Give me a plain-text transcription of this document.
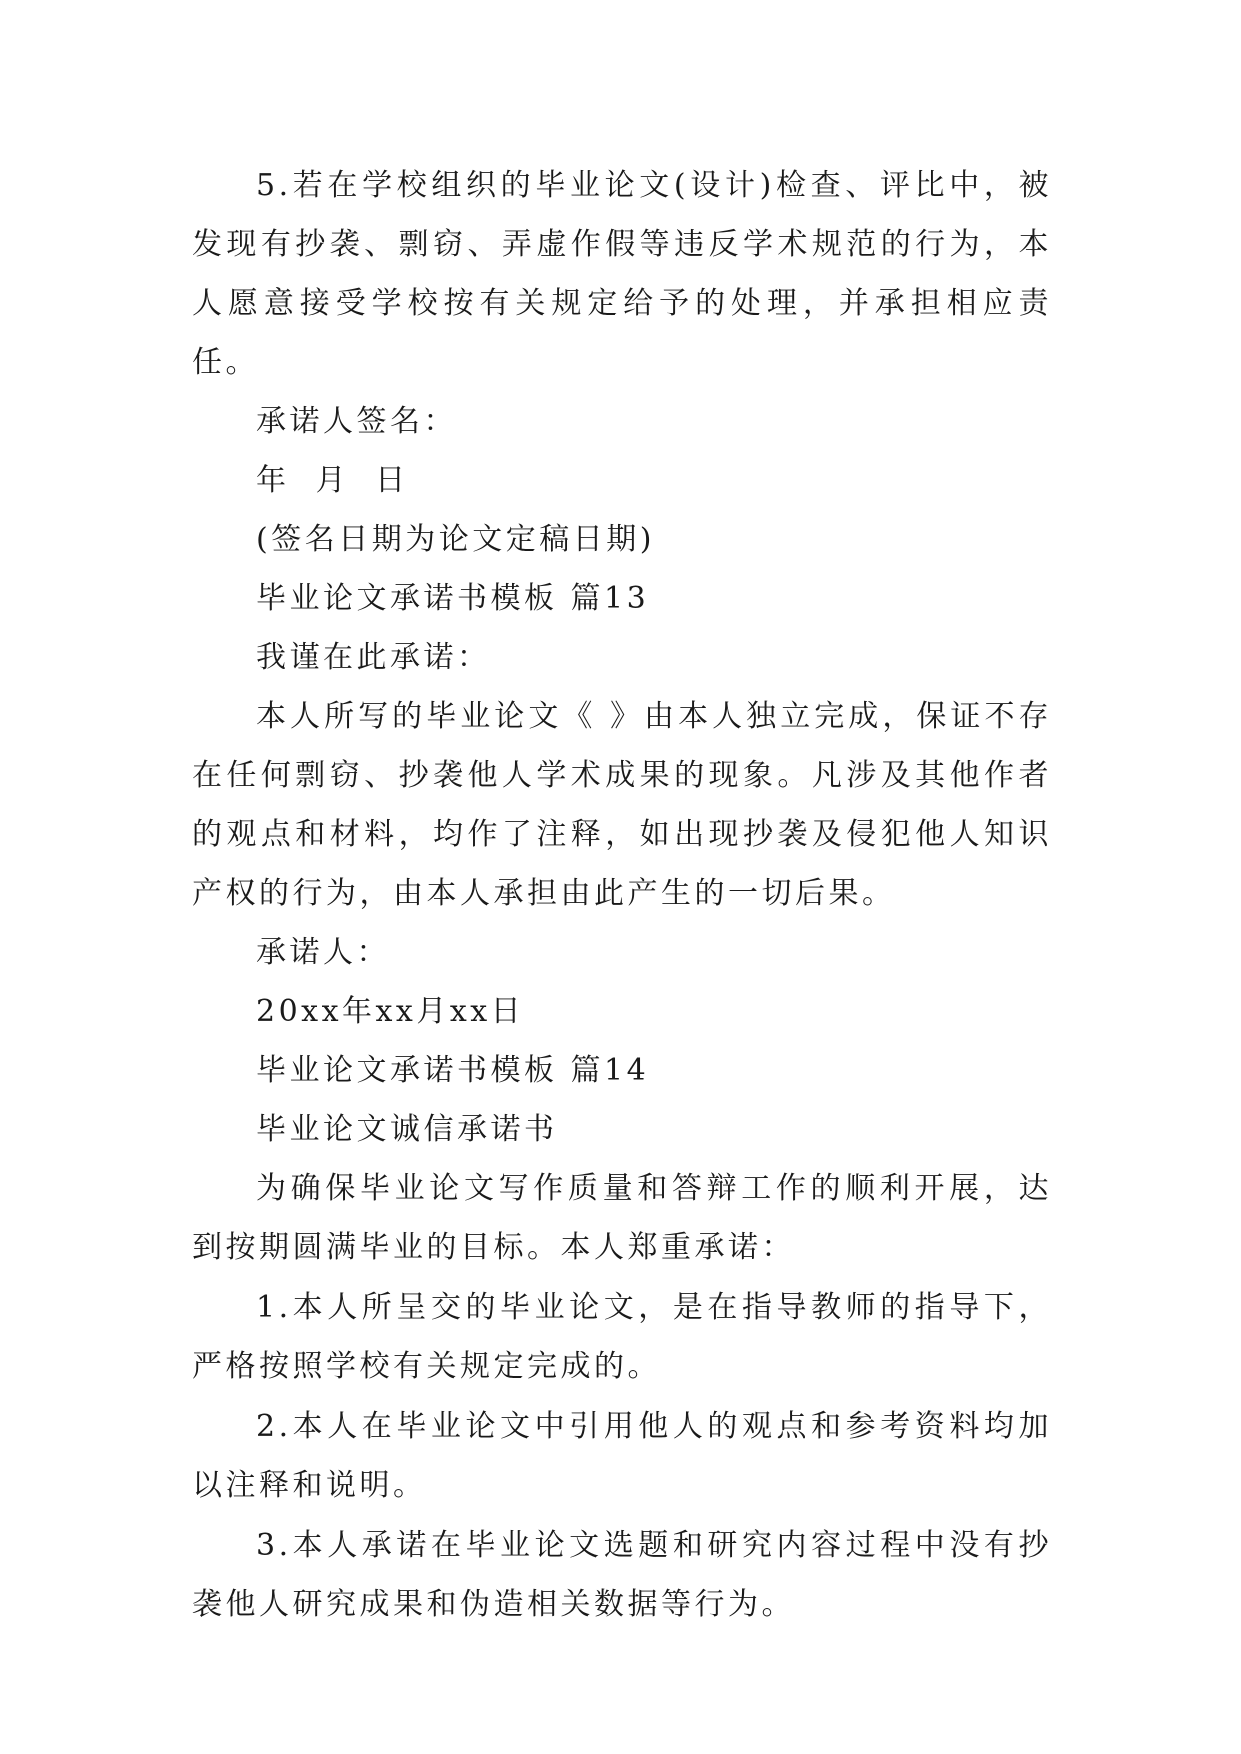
5.若在学校组织的毕业论文(设计)检查、评比中，被发现有抄袭、剽窃、弄虚作假等违反学术规范的行为，本人愿意接受学校按有关规定给予的处理，并承担相应责任。

承诺人签名：

年  月  日

(签名日期为论文定稿日期)

毕业论文承诺书模板 篇13

我谨在此承诺：

本人所写的毕业论文《 》由本人独立完成，保证不存在任何剽窃、抄袭他人学术成果的现象。凡涉及其他作者的观点和材料，均作了注释，如出现抄袭及侵犯他人知识产权的行为，由本人承担由此产生的一切后果。

承诺人：

20xx年xx月xx日

毕业论文承诺书模板 篇14

毕业论文诚信承诺书

为确保毕业论文写作质量和答辩工作的顺利开展，达到按期圆满毕业的目标。本人郑重承诺：

1.本人所呈交的毕业论文，是在指导教师的指导下，严格按照学校有关规定完成的。

2.本人在毕业论文中引用他人的观点和参考资料均加以注释和说明。

3.本人承诺在毕业论文选题和研究内容过程中没有抄袭他人研究成果和伪造相关数据等行为。
